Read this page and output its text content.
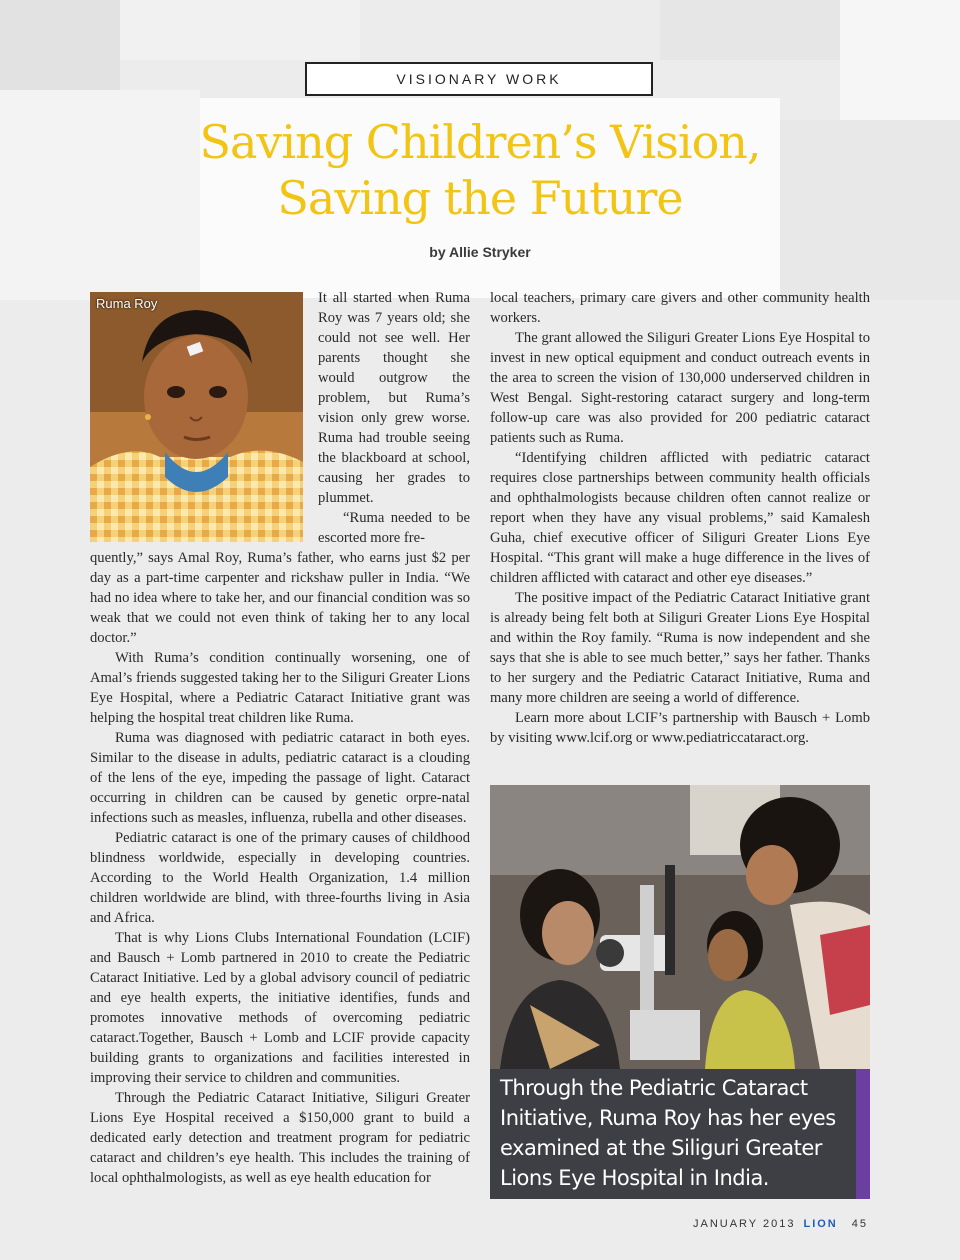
VISIONARY WORK
Saving Children’s Vision,
Saving the Future
by Allie Stryker
Ruma Roy	It all started when Ruma Roy was 7 years old; she could not see well. Her parents thought she would outgrow the problem, but Ruma’s vision only grew worse. Ruma had trouble seeing the blackboard at school, causing her grades to plummet.

“Ruma needed to be escorted more fre-

quently,” says Amal Roy, Ruma’s father, who earns just $2 per day as a part-time carpenter and rickshaw puller in India. “We had no idea where to take her, and our financial condition was so weak that we could not even think of taking her to any local doctor.”

With Ruma’s condition continually worsening, one of Amal’s friends suggested taking her to the Siliguri Greater Lions Eye Hospital, where a Pediatric Cataract Initiative grant was helping the hospital treat children like Ruma.

Ruma was diagnosed with pediatric cataract in both eyes. Similar to the disease in adults, pediatric cataract is a clouding of the lens of the eye, impeding the passage of light. Cataract occurring in children can be caused by genetic orpre-natal infections such as measles, influenza, rubella and other diseases.

Pediatric cataract is one of the primary causes of childhood blindness worldwide, especially in developing countries. According to the World Health Organization, 1.4 million children worldwide are blind, with three-fourths living in Asia and Africa.

That is why Lions Clubs International Foundation (LCIF) and Bausch + Lomb partnered in 2010 to create the Pediatric Cataract Initiative. Led by a global advisory council of pediatric and eye health experts, the initiative identifies, funds and promotes innovative methods of overcoming pediatric cataract.Together, Bausch + Lomb and LCIF provide capacity building grants to organizations and facilities interested in improving their service to children and communities.

Through the Pediatric Cataract Initiative, Siliguri Greater Lions Eye Hospital received a $150,000 grant to build a dedicated early detection and treatment program for pediatric cataract and children’s eye health. This includes the training of local ophthalmologists, as well as eye health education for

local teachers, primary care givers and other community health workers.

The grant allowed the Siliguri Greater Lions Eye Hospital to invest in new optical equipment and conduct outreach events in the area to screen the vision of 130,000 underserved children in West Bengal. Sight-restoring cataract surgery and long-term follow-up care was also provided for 200 pediatric cataract patients such as Ruma.

“Identifying children afflicted with pediatric cataract requires close partnerships between community health officials and ophthalmologists because children often cannot realize or report when they have any visual problems,” said Kamalesh Guha, chief executive officer of Siliguri Greater Lions Eye Hospital. “This grant will make a huge difference in the lives of children afflicted with cataract and other eye diseases.”

The positive impact of the Pediatric Cataract Initiative grant is already being felt both at Siliguri Greater Lions Eye Hospital and within the Roy family. “Ruma is now independent and she says that she is able to see much better,” says her father. Thanks to her surgery and the Pediatric Cataract Initiative, Ruma and many more children are seeing a world of difference.

Learn more about LCIF’s partnership with Bausch + Lomb by visiting www.lcif.org or www.pediatriccataract.org.

Through the Pediatric Cataract Initiative, Ruma Roy has her eyes examined at the Siliguri Greater Lions Eye Hospital in India.
JANUARY 2013 LION 45
